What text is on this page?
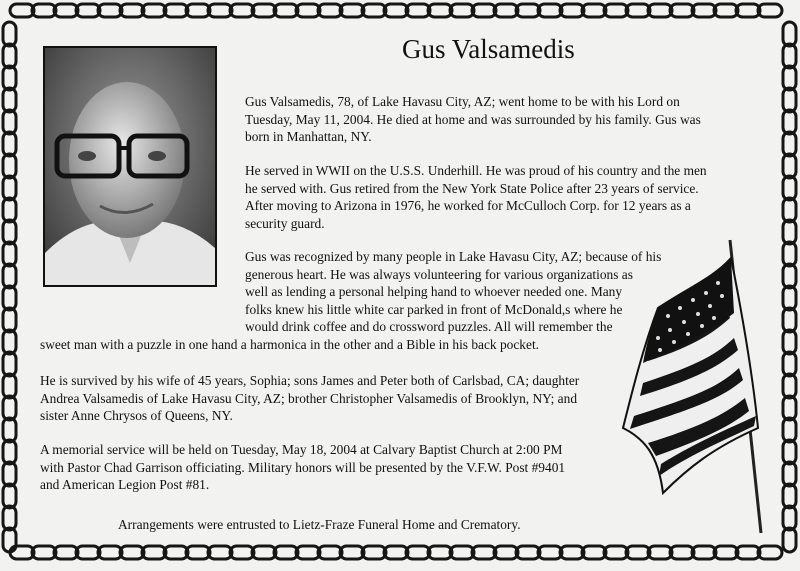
Gus Valsamedis

Gus Valsamedis, 78, of Lake Havasu City, AZ; went home to be with his Lord on
Tuesday, May 11, 2004. He died at home and was surrounded by his family. Gus was
born in Manhattan, NY.

He served in WWII on the U.S.S. Underhill. He was proud of his country and the men
he served with. Gus retired from the New York State Police after 23 years of service.
After moving to Arizona in 1976, he worked for McCulloch Corp. for 12 years as a
security guard.

Gus was recognized by many people in Lake Havasu City, AZ; because of his
generous heart. He was always volunteering for various organizations as
well as lending a personal helping hand to whoever needed one. Many
folks knew his little white car parked in front of McDonald,s where he
would drink coffee and do crossword puzzles. All will remember the

sweet man with a puzzle in one hand a harmonica in the other and a Bible in his back pocket.

He is survived by his wife of 45 years, Sophia; sons James and Peter both of Carlsbad, CA; daughter
Andrea Valsamedis of Lake Havasu City, AZ; brother Christopher Valsamedis of Brooklyn, NY; and
sister Anne Chrysos of Queens, NY.

A memorial service will be held on Tuesday, May 18, 2004 at Calvary Baptist Church at 2:00 PM
with Pastor Chad Garrison officiating. Military honors will be presented by the V.F.W. Post #9401
and American Legion Post #81.

Arrangements were entrusted to Lietz-Fraze Funeral Home and Crematory.
